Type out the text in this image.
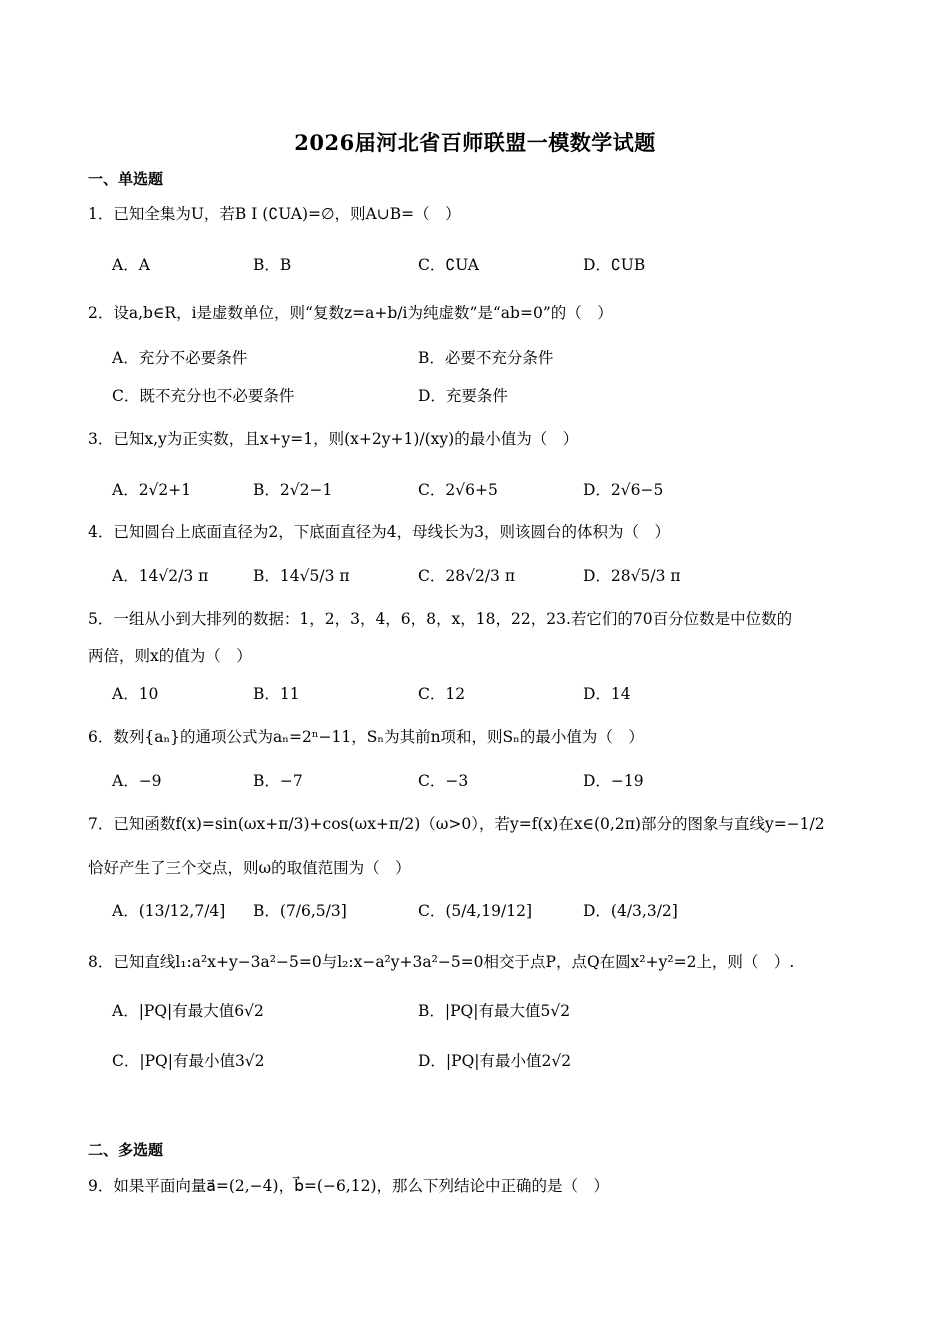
2026届河北省百师联盟一模数学试题
一、单选题
1．已知全集为U，若B I (∁UA)=∅，则A∪B=（　）
A．A	B．B	C．∁UA	D．∁UB
2．设a,b∈R，i是虚数单位，则“复数z=a+b/i为纯虚数”是“ab=0”的（　）
A．充分不必要条件	B．必要不充分条件
C．既不充分也不必要条件	D．充要条件
3．已知x,y为正实数，且x+y=1，则(x+2y+1)/(xy)的最小值为（　）
A．2√2+1	B．2√2−1	C．2√6+5	D．2√6−5
4．已知圆台上底面直径为2，下底面直径为4，母线长为3，则该圆台的体积为（　）
A．14√2/3 π	B．14√5/3 π	C．28√2/3 π	D．28√5/3 π
5．一组从小到大排列的数据：1，2，3，4，6，8，x，18，22，23.若它们的70百分位数是中位数的
两倍，则x的值为（　）
A．10	B．11	C．12	D．14
6．数列{aₙ}的通项公式为aₙ=2ⁿ−11，Sₙ为其前n项和，则Sₙ的最小值为（　）
A．−9	B．−7	C．−3	D．−19
7．已知函数f(x)=sin(ωx+π/3)+cos(ωx+π/2)（ω>0），若y=f(x)在x∈(0,2π)部分的图象与直线y=−1/2
恰好产生了三个交点，则ω的取值范围为（　）
A．(13/12,7/4] B．(7/6,5/3]	C．(5/4,19/12]	D．(4/3,3/2]
8．已知直线l₁:a²x+y−3a²−5=0与l₂:x−a²y+3a²−5=0相交于点P，点Q在圆x²+y²=2上，则（　）.
A．|PQ|有最大值6√2	B．|PQ|有最大值5√2
C．|PQ|有最小值3√2	D．|PQ|有最小值2√2
二、多选题
9．如果平面向量a⃗=(2,−4)，b⃗=(−6,12)，那么下列结论中正确的是（　）
